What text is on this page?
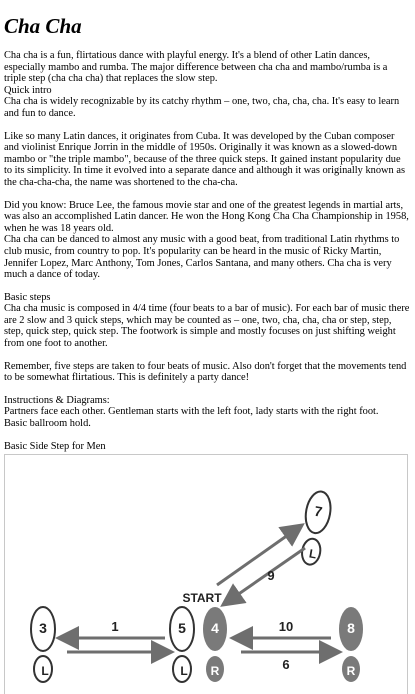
Cha Cha

Cha cha is a fun, flirtatious dance with playful energy. It's a blend of other Latin dances, especially mambo and rumba. The major difference between cha cha and mambo/rumba is a triple step (cha cha cha) that replaces the slow step.

Quick intro

Cha cha is widely recognizable by its catchy rhythm – one, two, cha, cha, cha. It's easy to learn and fun to dance.

Like so many Latin dances, it originates from Cuba. It was developed by the Cuban composer and violinist Enrique Jorrin in the middle of 1950s. Originally it was known as a slowed-down mambo or "the triple mambo", because of the three quick steps. It gained instant popularity due to its simplicity. In time it evolved into a separate dance and although it was originally known as the cha-cha-cha, the name was shortened to the cha-cha.

Did you know: Bruce Lee, the famous movie star and one of the greatest legends in martial arts, was also an accomplished Latin dancer. He won the Hong Kong Cha Cha Championship in 1958, when he was 18 years old.

Cha cha can be danced to almost any music with a good beat, from traditional Latin rhythms to club music, from country to pop. It's popularity can be heard in the music of Ricky Martin, Jennifer Lopez, Marc Anthony, Tom Jones, Carlos Santana, and many others. Cha cha is very much a dance of today.

Basic steps

Cha cha music is composed in 4/4 time (four beats to a bar of music). For each bar of music there are 2 slow and 3 quick steps, which may be counted as – one, two, cha, cha, cha or step, step, step, quick step, quick step. The footwork is simple and mostly focuses on just shifting weight from one foot to another.

Remember, five steps are taken to four beats of music. Also don't forget that the movements tend to be somewhat flirtatious. This is definitely a party dance!

Instructions & Diagrams:

Partners face each other. Gentleman starts with the left foot, lady starts with the right foot.

Basic ballroom hold.

Basic Side Step for Men

7
L
9
START
3
L
5
L
4
R
8
R
1	10
6
